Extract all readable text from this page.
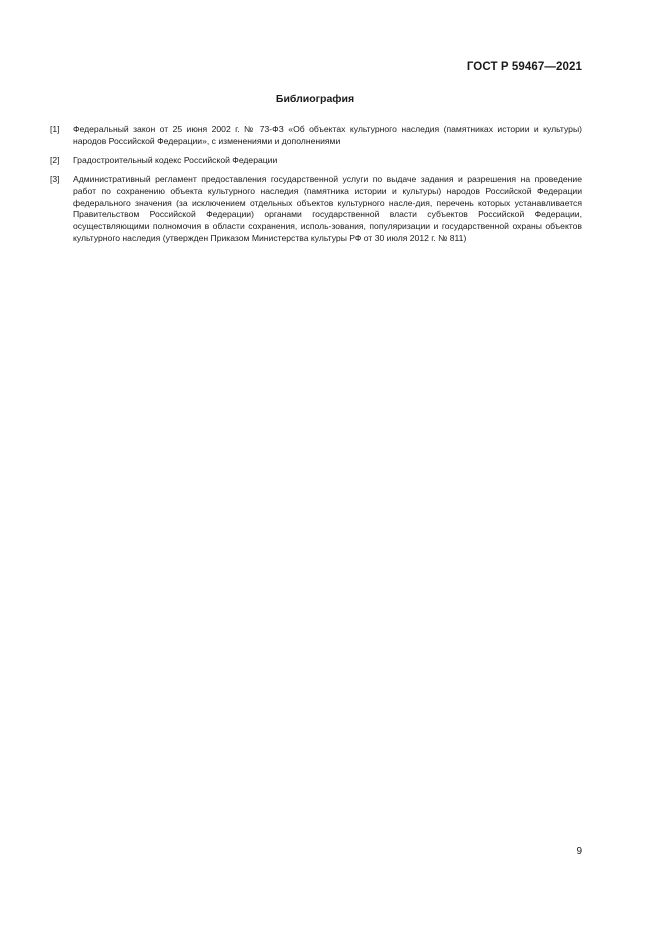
ГОСТ Р 59467—2021
Библиография
[1]	Федеральный закон от 25 июня 2002 г. № 73-ФЗ «Об объектах культурного наследия (памятниках истории и культуры) народов Российской Федерации», с изменениями и дополнениями
[2]	Градостроительный кодекс Российской Федерации
[3]	Административный регламент предоставления государственной услуги по выдаче задания и разрешения на проведение работ по сохранению объекта культурного наследия (памятника истории и культуры) народов Российской Федерации федерального значения (за исключением отдельных объектов культурного насле-дия, перечень которых устанавливается Правительством Российской Федерации) органами государственной власти субъектов Российской Федерации, осуществляющими полномочия в области сохранения, исполь-зования, популяризации и государственной охраны объектов культурного наследия (утвержден Приказом Министерства культуры РФ от 30 июля 2012 г. № 811)
9
